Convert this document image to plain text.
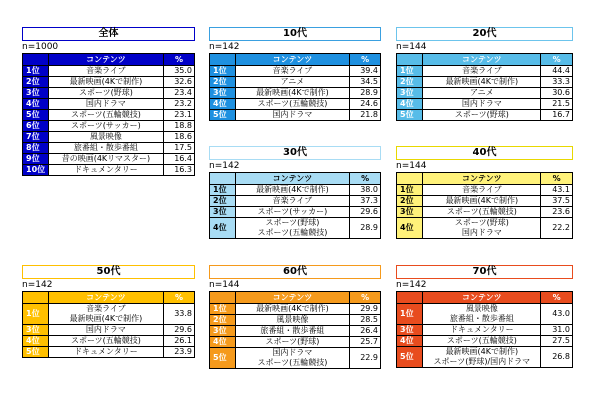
全体
n=1000
	コンテンツ	%
1位	音楽ライブ	35.0
2位	最新映画(4Kで制作)	32.6
3位	スポーツ(野球)	23.4
4位	国内ドラマ	23.2
5位	スポーツ(五輪競技)	23.1
6位	スポーツ(サッカー)	18.8
7位	風景映像	18.6
8位	旅番組・散歩番組	17.5
9位	昔の映画(4Kリマスター)	16.4
10位	ドキュメンタリー	16.3
10代
n=142
	コンテンツ	%
1位	音楽ライブ	39.4
2位	アニメ	34.5
3位	最新映画(4Kで制作)	28.9
4位	スポーツ(五輪競技)	24.6
5位	国内ドラマ	21.8
20代
n=144
	コンテンツ	%
1位	音楽ライブ	44.4
2位	最新映画(4Kで制作)	33.3
3位	アニメ	30.6
4位	国内ドラマ	21.5
5位	スポーツ(野球)	16.7
30代
n=142
	コンテンツ	%
1位	最新映画(4Kで制作)	38.0
2位	音楽ライブ	37.3
3位	スポーツ(サッカー)	29.6
4位	スポーツ(野球)
スポーツ(五輪競技)	28.9
40代
n=144
	コンテンツ	%
1位	音楽ライブ	43.1
2位	最新映画(4Kで制作)	37.5
3位	スポーツ(五輪競技)	23.6
4位	スポーツ(野球)
国内ドラマ	22.2
50代
n=142
	コンテンツ	%
1位	音楽ライブ
最新映画(4Kで制作)	33.8
3位	国内ドラマ	29.6
4位	スポーツ(五輪競技)	26.1
5位	ドキュメンタリー	23.9
60代
n=144
	コンテンツ	%
1位	最新映画(4Kで制作)	29.9
2位	風景映像	28.5
3位	旅番組・散歩番組	26.4
4位	スポーツ(野球)	25.7
5位	国内ドラマ
スポーツ(五輪競技)	22.9
70代
n=142
	コンテンツ	%
1位	風景映像
旅番組・散歩番組	43.0
3位	ドキュメンタリー	31.0
4位	スポーツ(五輪競技)	27.5
5位	最新映画(4Kで制作)
スポーツ(野球)/国内ドラマ	26.8
